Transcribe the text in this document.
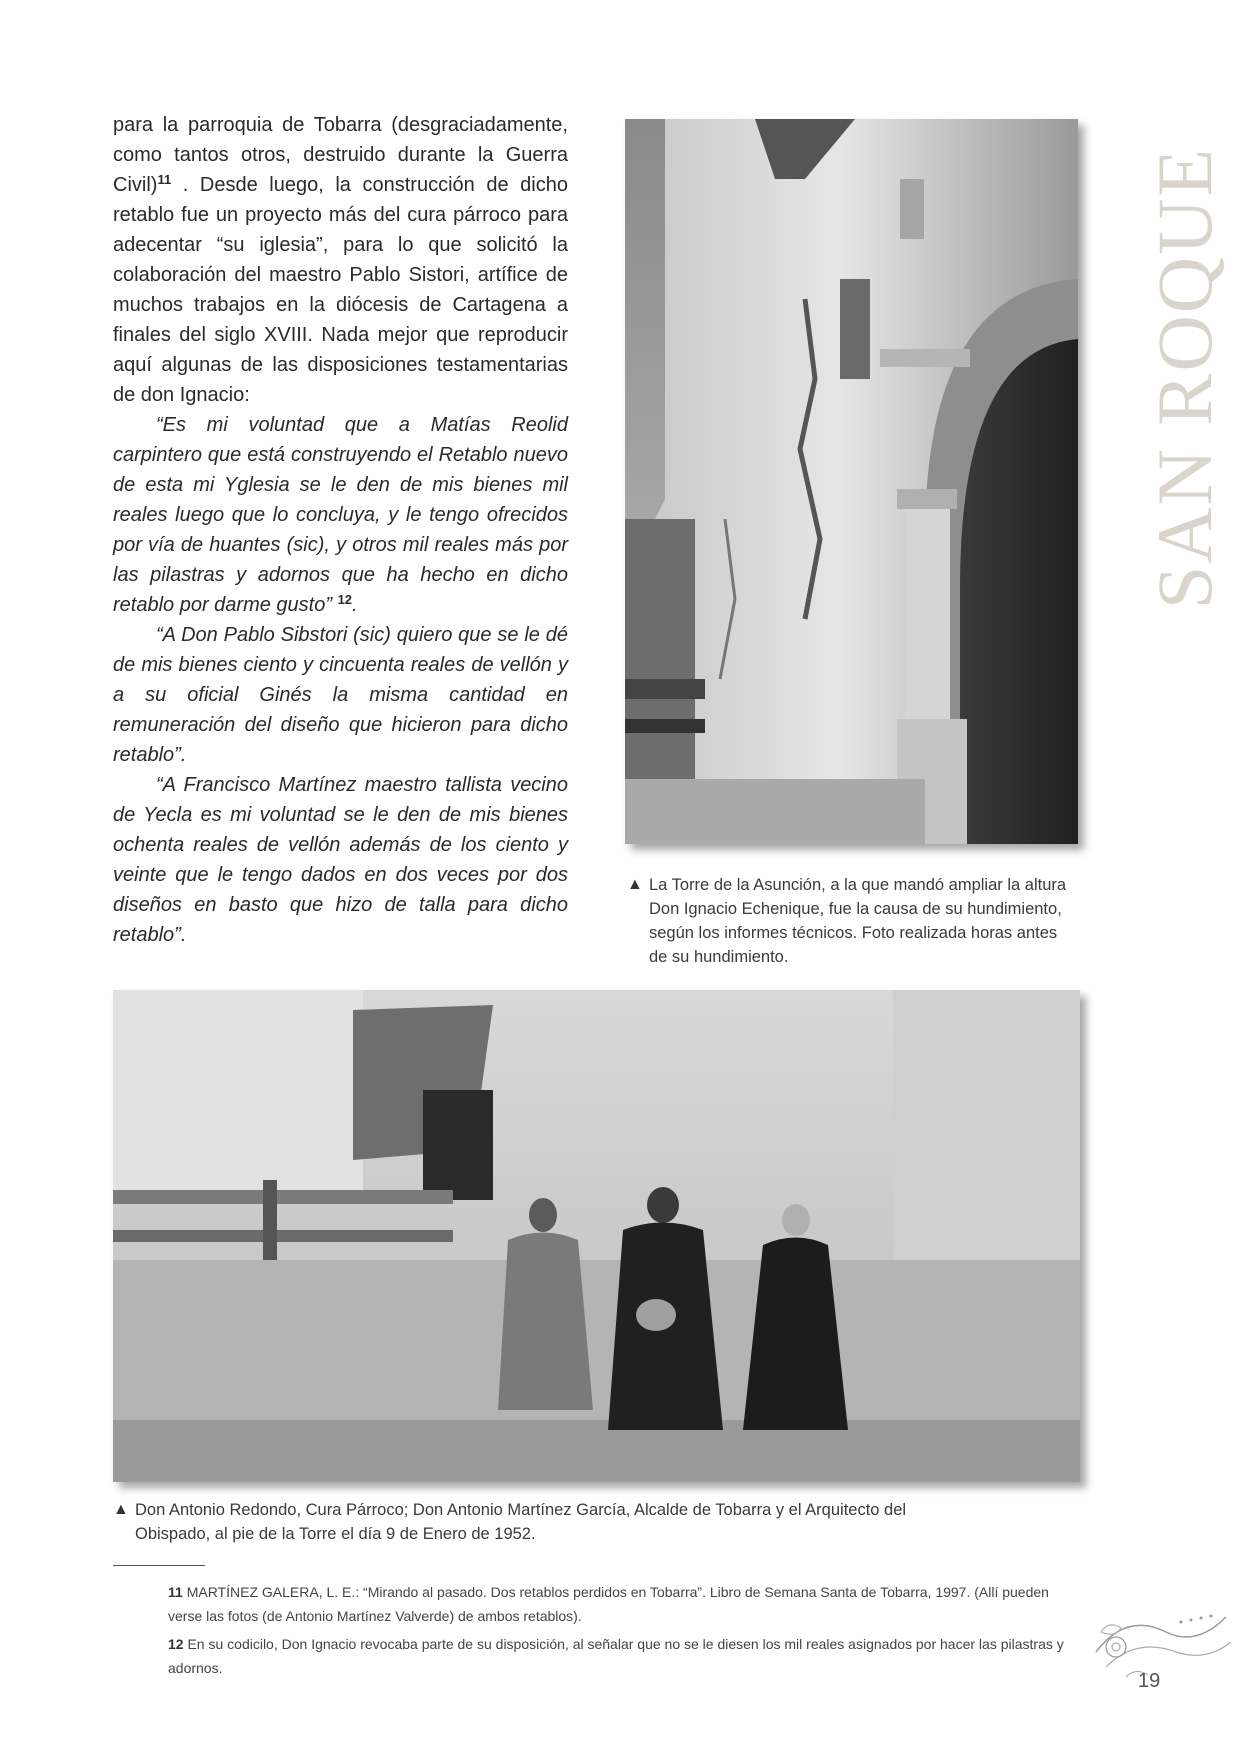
SAN ROQUE

para la parroquia de Tobarra (desgraciadamente, como tantos otros, destruido durante la Guerra Civil)$^{11}$ . Desde luego, la construcción de dicho retablo fue un proyecto más del cura párroco para adecentar “su iglesia”, para lo que solicitó la colaboración del maestro Pablo Sistori, artífice de muchos trabajos en la diócesis de Cartagena a finales del siglo XVIII. Nada mejor que reproducir aquí algunas de las disposiciones testamentarias de don Ignacio:

“Es mi voluntad que a Matías Reolid carpintero que está construyendo el Retablo nuevo de esta mi Yglesia se le den de mis bienes mil reales luego que lo concluya, y le tengo ofrecidos por vía de huantes (sic), y otros mil reales más por las pilastras y adornos que ha hecho en dicho retablo por darme gusto” $^{12}$.

“A Don Pablo Sibstori (sic) quiero que se le dé de mis bienes ciento y cincuenta reales de vellón y a su oficial Ginés la misma cantidad en remuneración del diseño que hicieron para dicho retablo”.

“A Francisco Martínez maestro tallista vecino de Yecla es mi voluntad se le den de mis bienes ochenta reales de vellón además de los ciento y veinte que le tengo dados en dos veces por dos diseños en basto que hizo de talla para dicho retablo”.

▲ La Torre de la Asunción, a la que mandó ampliar la altura Don Ignacio Echenique, fue la causa de su hundimiento, según los informes técnicos. Foto realizada horas antes de su hundimiento.
▲ Don Antonio Redondo, Cura Párroco; Don Antonio Martínez García, Alcalde de Tobarra y el Arquitecto del Obispado, al pie de la Torre el día 9 de Enero de 1952.

11 MARTÍNEZ GALERA, L. E.: “Mirando al pasado. Dos retablos perdidos en Tobarra”. Libro de Semana Santa de Tobarra, 1997. (Allí pueden verse las fotos (de Antonio Martínez Valverde) de ambos retablos).

12 En su codicilo, Don Ignacio revocaba parte de su disposición, al señalar que no se le diesen los mil reales asignados por hacer las pilastras y adornos.

19
